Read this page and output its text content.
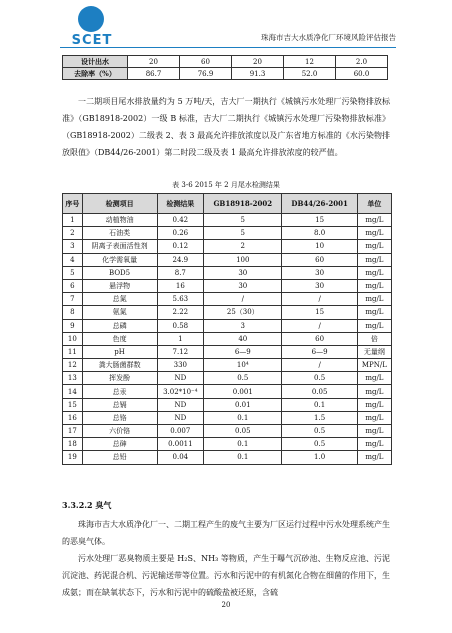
SCET	珠海市吉大水质净化厂环境风险评估报告
设计出水	20	60	20	12	2.0
去除率（%）	86.7	76.9	91.3	52.0	60.0

一二期项目尾水排放量约为 5 万吨/天，吉大厂一期执行《城镇污水处理厂污染物排放标准》（GB18918-2002）一级 B 标准，吉大厂二期执行《城镇污水处理厂污染物排放标准》（GB18918-2002）二级表 2、表 3 最高允许排放浓度以及广东省地方标准的《水污染物排放限值》（DB44/26-2001）第二时段二级及表 1 最高允许排放浓度的较严值。

表 3-6 2015 年 2 月尾水检测结果
序号	检测项目	检测结果	GB18918-2002	DB44/26-2001	单位
1	动植物油	0.42	5	15	mg/L
2	石油类	0.26	5	8.0	mg/L
3	阴离子表面活性剂	0.12	2	10	mg/L
4	化学需氧量	24.9	100	60	mg/L
5	BOD5	8.7	30	30	mg/L
6	悬浮物	16	30	30	mg/L
7	总氮	5.63	/	/	mg/L
8	氨氮	2.22	25（30）	15	mg/L
9	总磷	0.58	3	/	mg/L
10	色度	1	40	60	倍
11	pH	7.12	6—9	6—9	无量纲
12	粪大肠菌群数	330	10⁴	/	MPN/L
13	挥发酚	ND	0.5	0.5	mg/L
14	总汞	3.02*10⁻⁴	0.001	0.05	mg/L
15	总镉	ND	0.01	0.1	mg/L
16	总铬	ND	0.1	1.5	mg/L
17	六价铬	0.007	0.05	0.5	mg/L
18	总砷	0.0011	0.1	0.5	mg/L
19	总铅	0.04	0.1	1.0	mg/L
3.3.2.2 臭气

珠海市吉大水质净化厂一、二期工程产生的废气主要为厂区运行过程中污水处理系统产生的恶臭气体。

污水处理厂恶臭物质主要是 H₂S、NH₃ 等物质，产生于曝气沉砂池、生物反应池、污泥沉淀池、药泥混合机、污泥输送带等位置。污水和污泥中的有机氮化合物在细菌的作用下，生成氨；而在缺氧状态下，污水和污泥中的硫酸盐被还原，含硫

20
